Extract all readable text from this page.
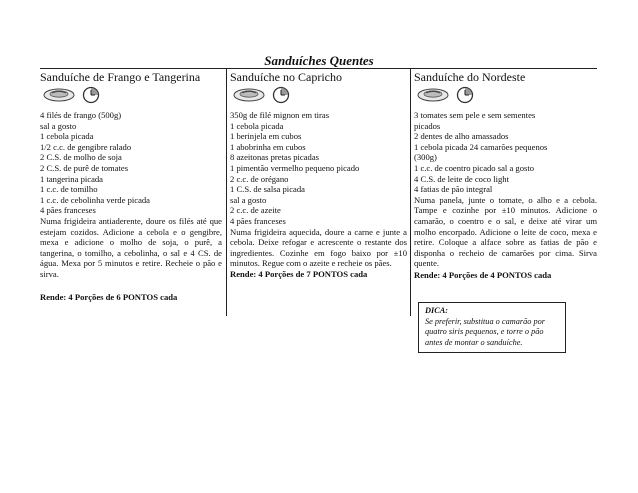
Sanduíches Quentes
Sanduíche de Frango e Tangerina
4 filés de frango (500g)
sal a gosto
1 cebola picada
1/2 c.c. de gengibre ralado
2 C.S. de molho de soja
2 C.S. de purê de tomates
1 tangerina picada
1 c.c. de tomilho
1 c.c. de cebolinha verde picada
4 pães franceses

Numa frigideira antiaderente, doure os filés até que estejam cozidos. Adicione a cebola e o gengibre, mexa e adicione o molho de soja, o purê, a tangerina, o tomilho, a cebolinha, o sal e 4 CS. de água. Mexa por 5 minutos e retire. Recheie o pão e sirva.

Rende: 4 Porções de 6 PONTOS cada
Sanduíche no Capricho
350g de filé mignon em tiras
1 cebola picada
1 berinjela em cubos
1 abobrinha em cubos
8 azeitonas pretas picadas
1 pimentão vermelho pequeno picado
2 c.c. de orégano
1 C.S. de salsa picada
sal a gosto
2 c.c. de azeite
4 pães franceses

Numa frigideira aquecida, doure a carne e junte a cebola. Deixe refogar e acrescente o restante dos ingredientes. Cozinhe em fogo baixo por ±10 minutos. Regue com o azeite e recheie os pães.

Rende: 4 Porções de 7 PONTOS cada
Sanduíche do Nordeste
3 tomates sem pele e sem sementes
picados
2 dentes de alho amassados
1 cebola picada 24 camarões pequenos
(300g)
1 c.c. de coentro picado sal a gosto
4 C.S. de leite de coco light
4 fatias de pão integral

Numa panela, junte o tomate, o alho e a cebola. Tampe e cozinhe por ±10 minutos. Adicione o camarão, o coentro e o sal, e deixe até virar um molho encorpado. Adicione o leite de coco, mexa e retire. Coloque a alface sobre as fatias de pão e disponha o recheio de camarões por cima. Sirva quente.

Rende: 4 Porções de 4 PONTOS cada
DICA:
Se preferir, substitua o camarão por quatro siris pequenos, e torre o pão antes de montar o sanduíche.
